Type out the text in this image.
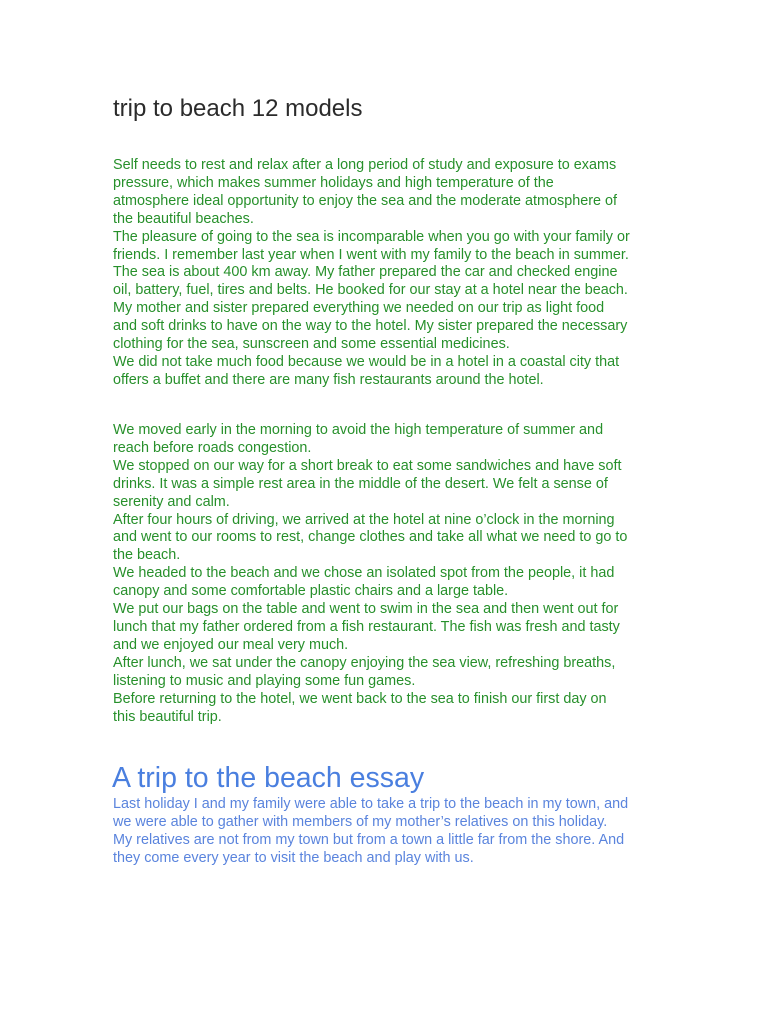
trip to beach 12 models
Self needs to rest and relax after a long period of study and exposure to exams
pressure, which makes summer holidays and high temperature of the
atmosphere ideal opportunity to enjoy the sea and the moderate atmosphere of
the beautiful beaches.
The pleasure of going to the sea is incomparable when you go with your family or
friends. I remember last year when I went with my family to the beach in summer.
The sea is about 400 km away. My father prepared the car and checked engine
oil, battery, fuel, tires and belts. He booked for our stay at a hotel near the beach.
My mother and sister prepared everything we needed on our trip as light food
and soft drinks to have on the way to the hotel. My sister prepared the necessary
clothing for the sea, sunscreen and some essential medicines.
We did not take much food because we would be in a hotel in a coastal city that
offers a buffet and there are many fish restaurants around the hotel.
We moved early in the morning to avoid the high temperature of summer and
reach before roads congestion.
We stopped on our way for a short break to eat some sandwiches and have soft
drinks. It was a simple rest area in the middle of the desert. We felt a sense of
serenity and calm.
After four hours of driving, we arrived at the hotel at nine o’clock in the morning
and went to our rooms to rest, change clothes and take all what we need to go to
the beach.
We headed to the beach and we chose an isolated spot from the people, it had
canopy and some comfortable plastic chairs and a large table.
We put our bags on the table and went to swim in the sea and then went out for
lunch that my father ordered from a fish restaurant. The fish was fresh and tasty
and we enjoyed our meal very much.
After lunch, we sat under the canopy enjoying the sea view, refreshing breaths,
listening to music and playing some fun games.
Before returning to the hotel, we went back to the sea to finish our first day on
this beautiful trip.
A trip to the beach essay
Last holiday I and my family were able to take a trip to the beach in my town, and
we were able to gather with members of my mother’s relatives on this holiday.
My relatives are not from my town but from a town a little far from the shore. And
they come every year to visit the beach and play with us.
